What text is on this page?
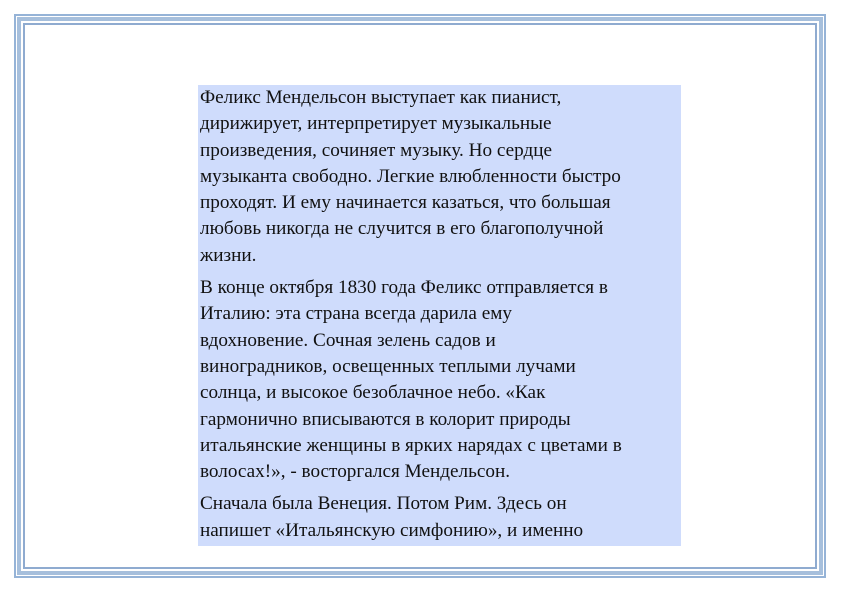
Феликс Мендельсон выступает как пианист,
дирижирует, интерпретирует музыкальные
произведения, сочиняет музыку. Но сердце
музыканта свободно. Легкие влюбленности быстро
проходят. И ему начинается казаться, что большая
любовь никогда не случится в его благополучной
жизни.

В конце октября 1830 года Феликс отправляется в
Италию: эта страна всегда дарила ему
вдохновение. Сочная зелень садов и
виноградников, освещенных теплыми лучами
солнца, и высокое безоблачное небо. «Как
гармонично вписываются в колорит природы
итальянские женщины в ярких нарядах с цветами в
волосах!», - восторгался Мендельсон.

Сначала была Венеция. Потом Рим. Здесь он
напишет «Итальянскую симфонию», и именно
